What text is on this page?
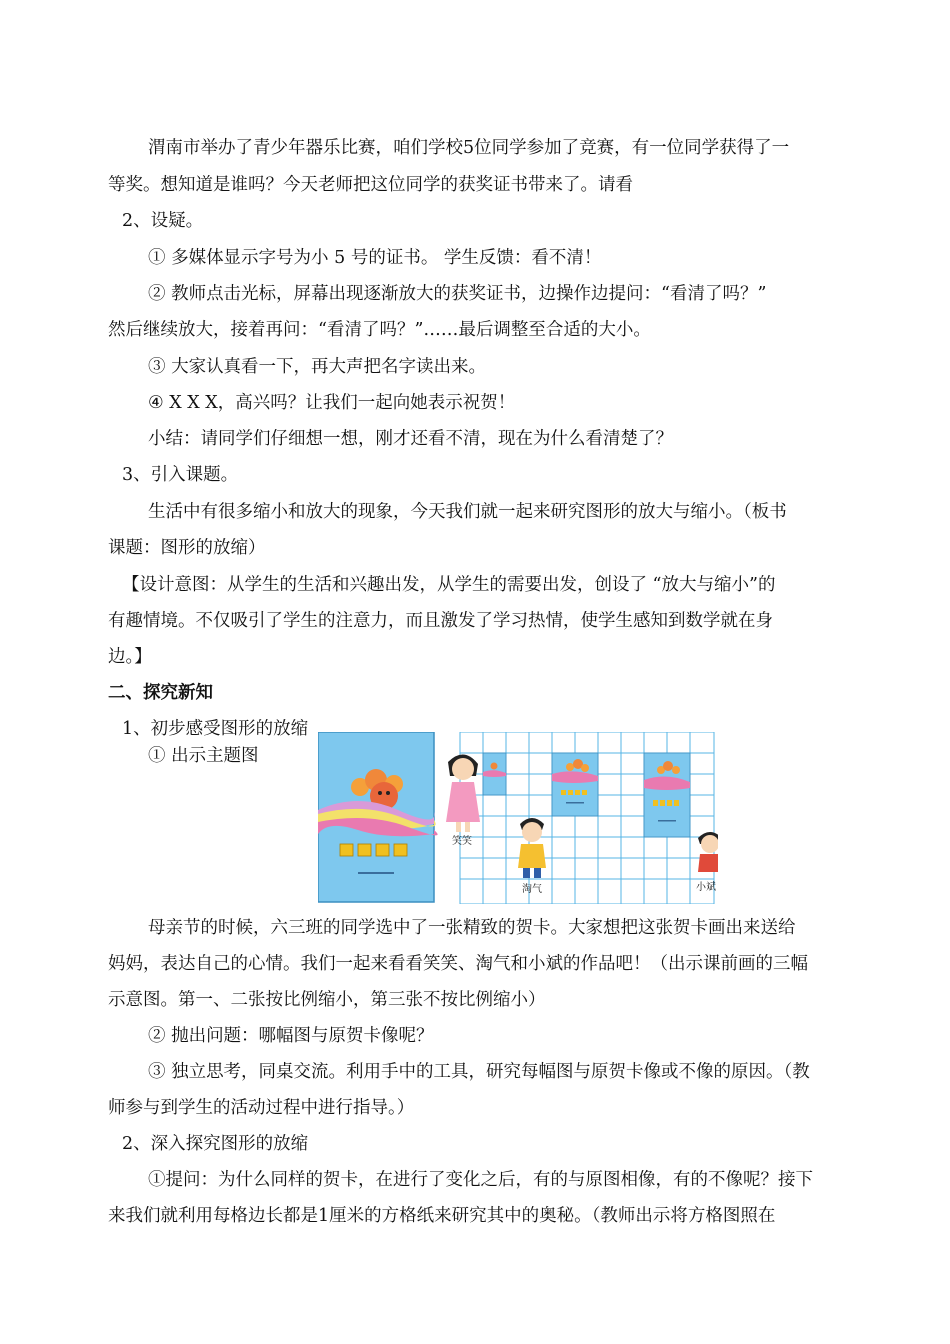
渭南市举办了青少年器乐比赛，咱们学校5位同学参加了竞赛，有一位同学获得了一
等奖。想知道是谁吗？今天老师把这位同学的获奖证书带来了。请看
2、设疑。
① 多媒体显示字号为小 5 号的证书。 学生反馈：看不清！
② 教师点击光标，屏幕出现逐渐放大的获奖证书，边操作边提问：“看清了吗？”
然后继续放大，接着再问：“看清了吗？”……最后调整至合适的大小。
③ 大家认真看一下，再大声把名字读出来。
④ X X X，高兴吗？让我们一起向她表示祝贺！
小结：请同学们仔细想一想，刚才还看不清，现在为什么看清楚了？
3、引入课题。
生活中有很多缩小和放大的现象，今天我们就一起来研究图形的放大与缩小。（板书
课题：图形的放缩）
【设计意图：从学生的生活和兴趣出发，从学生的需要出发，创设了 “放大与缩小”的
有趣情境。不仅吸引了学生的注意力，而且激发了学习热情，使学生感知到数学就在身
边。】
二、探究新知
1、初步感受图形的放缩
① 出示主题图
笑笑
淘气	小斌
母亲节的时候，六三班的同学选中了一张精致的贺卡。大家想把这张贺卡画出来送给
妈妈，表达自己的心情。我们一起来看看笑笑、淘气和小斌的作品吧！（出示课前画的三幅
示意图。第一、二张按比例缩小，第三张不按比例缩小）
② 抛出问题：哪幅图与原贺卡像呢？
③ 独立思考，同桌交流。利用手中的工具，研究每幅图与原贺卡像或不像的原因。（教
师参与到学生的活动过程中进行指导。）
2、深入探究图形的放缩
①提问：为什么同样的贺卡，在进行了变化之后，有的与原图相像，有的不像呢？接下
来我们就利用每格边长都是1厘米的方格纸来研究其中的奥秘。（教师出示将方格图照在
